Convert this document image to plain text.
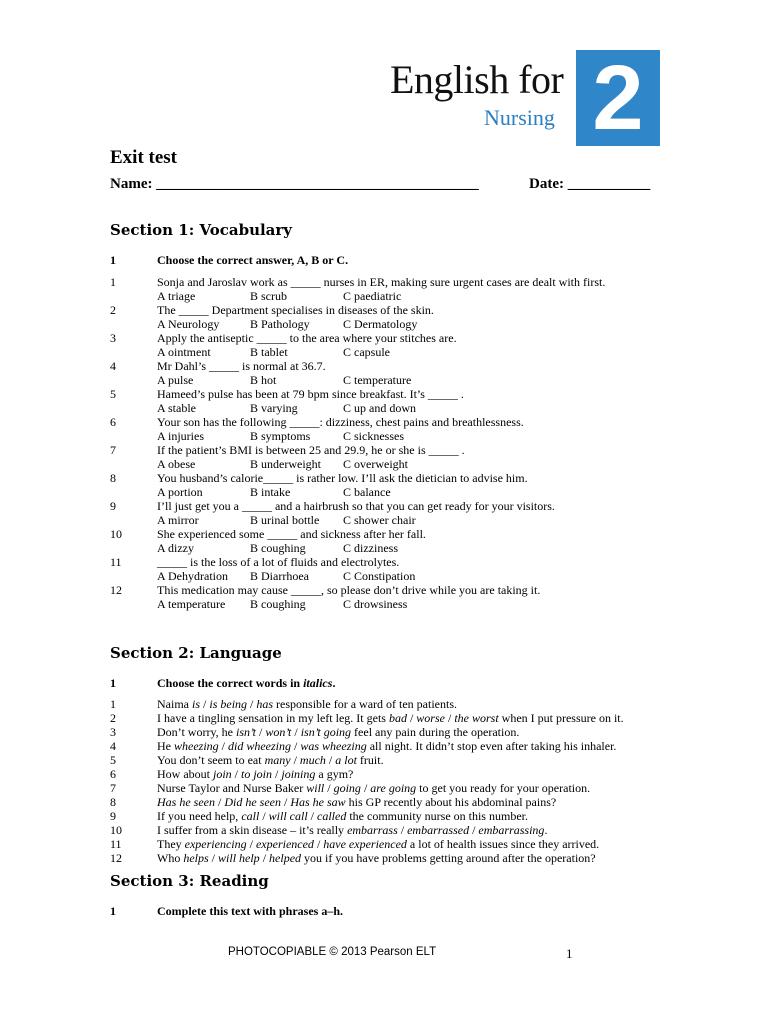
English for
Nursing 2
Exit test
Name: ___________________________________________	Date: ___________
Section 1: Vocabulary
1	Choose the correct answer, A, B or C.
1	Sonja and Jaroslav work as _____ nurses in ER, making sure urgent cases are dealt with first.
A triage	B scrub	C paediatric
2	The _____ Department specialises in diseases of the skin.
A Neurology	B Pathology	C Dermatology
3	Apply the antiseptic _____ to the area where your stitches are.
A ointment	B tablet	C capsule
4	Mr Dahl’s _____ is normal at 36.7.
A pulse	B hot	C temperature
5	Hameed’s pulse has been at 79 bpm since breakfast. It’s _____ .
A stable	B varying	C up and down
6	Your son has the following _____: dizziness, chest pains and breathlessness.
A injuries	B symptoms	C sicknesses
7	If the patient’s BMI is between 25 and 29.9, he or she is _____ .
A obese	B underweight C overweight
8	You husband’s calorie_____ is rather low. I’ll ask the dietician to advise him.
A portion	B intake	C balance
9	I’ll just get you a _____ and a hairbrush so that you can get ready for your visitors.
A mirror	B urinal bottle C shower chair
10	She experienced some _____ and sickness after her fall.
A dizzy	B coughing	C dizziness
11	_____ is the loss of a lot of fluids and electrolytes.
A Dehydration B Diarrhoea	C Constipation
12	This medication may cause _____, so please don’t drive while you are taking it.
A temperature B coughing	C drowsiness
Section 2: Language
1	Choose the correct words in italics.
1	Naima is / is being / has responsible for a ward of ten patients.
2	I have a tingling sensation in my left leg. It gets bad / worse / the worst when I put pressure on it.
3	Don’t worry, he isn’t / won’t / isn’t going feel any pain during the operation.
4	He wheezing / did wheezing / was wheezing all night. It didn’t stop even after taking his inhaler.
5	You don’t seem to eat many / much / a lot fruit.
6	How about join / to join / joining a gym?
7	Nurse Taylor and Nurse Baker will / going / are going to get you ready for your operation.
8	Has he seen / Did he seen / Has he saw his GP recently about his abdominal pains?
9	If you need help, call / will call / called the community nurse on this number.
10	I suffer from a skin disease – it’s really embarrass / embarrassed / embarrassing.
11	They experiencing / experienced / have experienced a lot of health issues since they arrived.
12	Who helps / will help / helped you if you have problems getting around after the operation?
Section 3: Reading
1	Complete this text with phrases a–h.
PHOTOCOPIABLE © 2013 Pearson ELT	1
